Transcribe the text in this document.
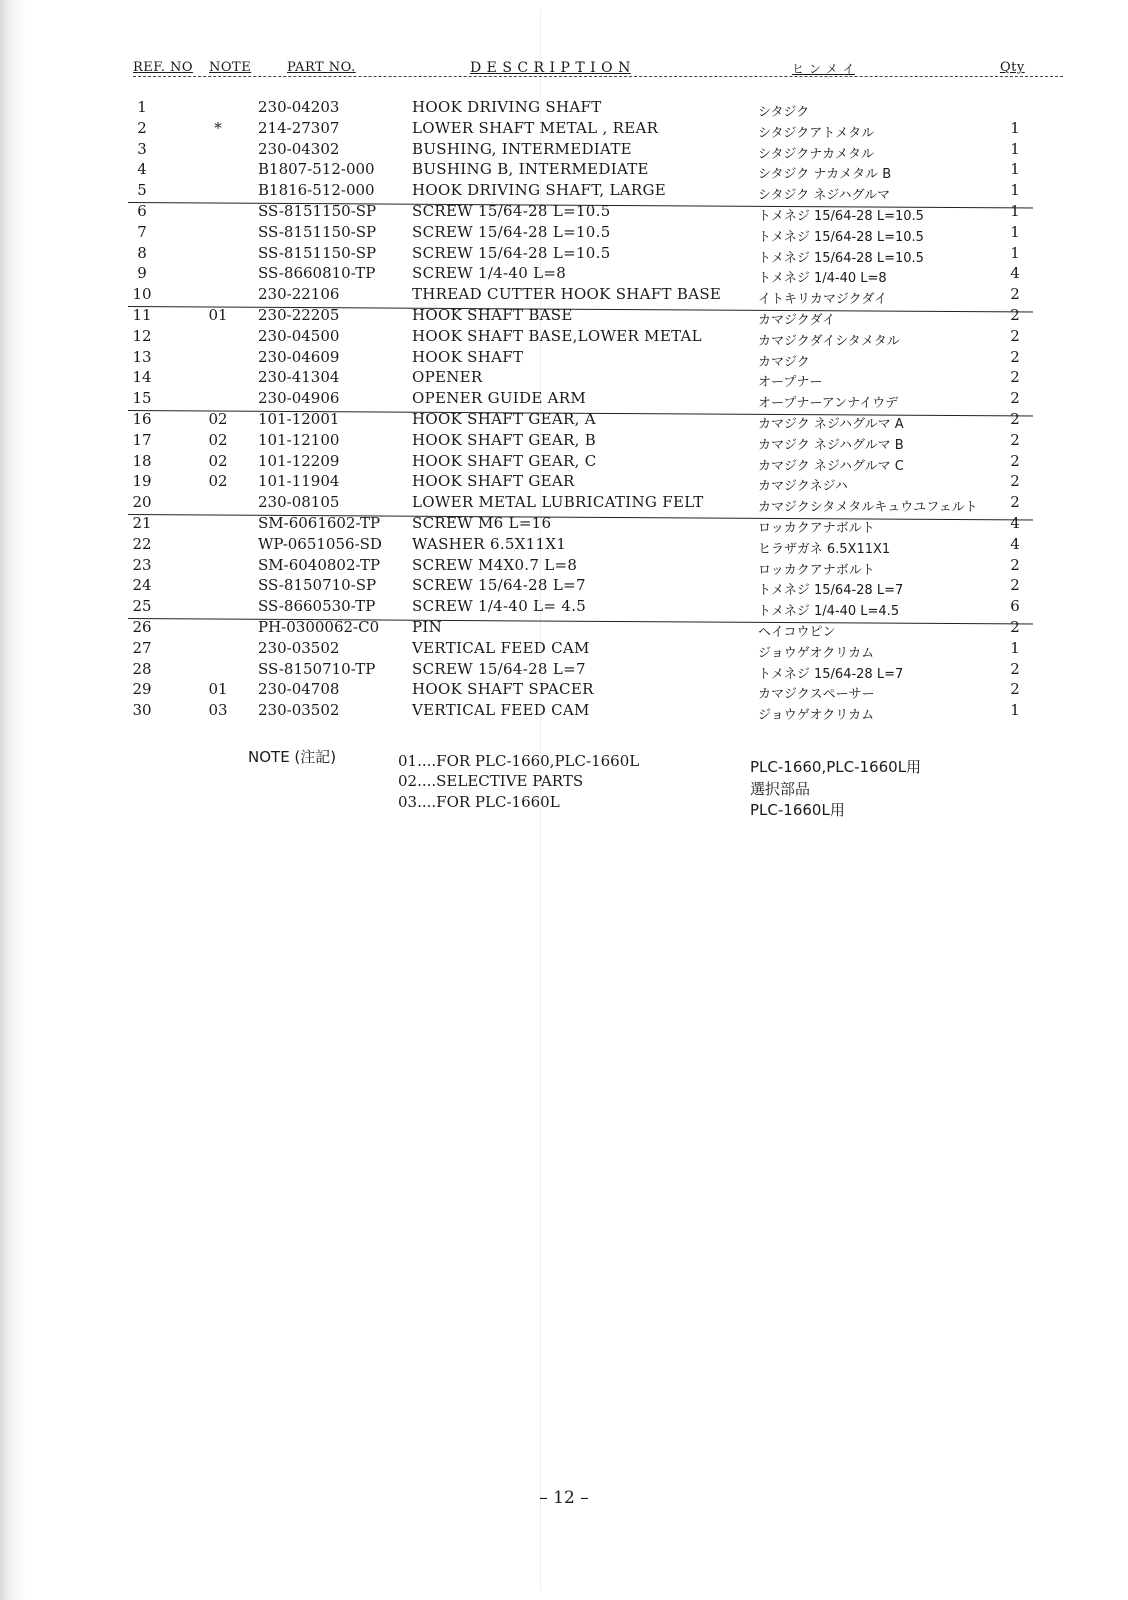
REF. NO NOTE	PART NO.	D E S C R I P T I O N	ヒ ン メ イ	Qty
1	230-04203	HOOK DRIVING SHAFT	シタジク
2	*	214-27307	LOWER SHAFT METAL , REAR	シタジクアトメタル	1
3	230-04302	BUSHING, INTERMEDIATE	シタジクナカメタル	1
4	B1807-512-000 BUSHING B, INTERMEDIATE	シタジク ナカメタル B	1
5	B1816-512-000 HOOK DRIVING SHAFT, LARGE	シタジク ネジハグルマ	1
6	SS-8151150-SP SCREW 15/64-28 L=10.5	トメネジ 15/64-28 L=10.5	1
7	SS-8151150-SP SCREW 15/64-28 L=10.5	トメネジ 15/64-28 L=10.5	1
8	SS-8151150-SP SCREW 15/64-28 L=10.5	トメネジ 15/64-28 L=10.5	1
9	SS-8660810-TP SCREW 1/4-40 L=8	トメネジ 1/4-40 L=8	4
10	230-22106	THREAD CUTTER HOOK SHAFT BASE	イトキリカマジクダイ	2
11	01	230-22205	HOOK SHAFT BASE	カマジクダイ	2
12	230-04500	HOOK SHAFT BASE,LOWER METAL	カマジクダイシタメタル	2
13	230-04609	HOOK SHAFT	カマジク	2
14	230-41304	OPENER	オープナー	2
15	230-04906	OPENER GUIDE ARM	オープナーアンナイウデ	2
16	02	101-12001	HOOK SHAFT GEAR, A	カマジク ネジハグルマ A	2
17	02	101-12100	HOOK SHAFT GEAR, B	カマジク ネジハグルマ B	2
18	02	101-12209	HOOK SHAFT GEAR, C	カマジク ネジハグルマ C	2
19	02	101-11904	HOOK SHAFT GEAR	カマジクネジハ	2
20	230-08105	LOWER METAL LUBRICATING FELT	カマジクシタメタルキュウユフェルト	2
21	SM-6061602-TP SCREW M6 L=16	ロッカクアナボルト	4
22	WP-0651056-SD WASHER 6.5X11X1	ヒラザガネ 6.5X11X1	4
23	SM-6040802-TP SCREW M4X0.7 L=8	ロッカクアナボルト	2
24	SS-8150710-SP SCREW 15/64-28 L=7	トメネジ 15/64-28 L=7	2
25	SS-8660530-TP SCREW 1/4-40 L= 4.5	トメネジ 1/4-40 L=4.5	6
26	PH-0300062-C0 PIN	ヘイコウピン	2
27	230-03502	VERTICAL FEED CAM	ジョウゲオクリカム	1
28	SS-8150710-TP SCREW 15/64-28 L=7	トメネジ 15/64-28 L=7	2
29	01	230-04708	HOOK SHAFT SPACER	カマジクスペーサー	2
30	03	230-03502	VERTICAL FEED CAM	ジョウゲオクリカム	1
NOTE (注記)	01....FOR PLC-1660,PLC-1660L	PLC-1660,PLC-1660L用
02....SELECTIVE PARTS	選択部品
03....FOR PLC-1660L	PLC-1660L用
– 12 –
